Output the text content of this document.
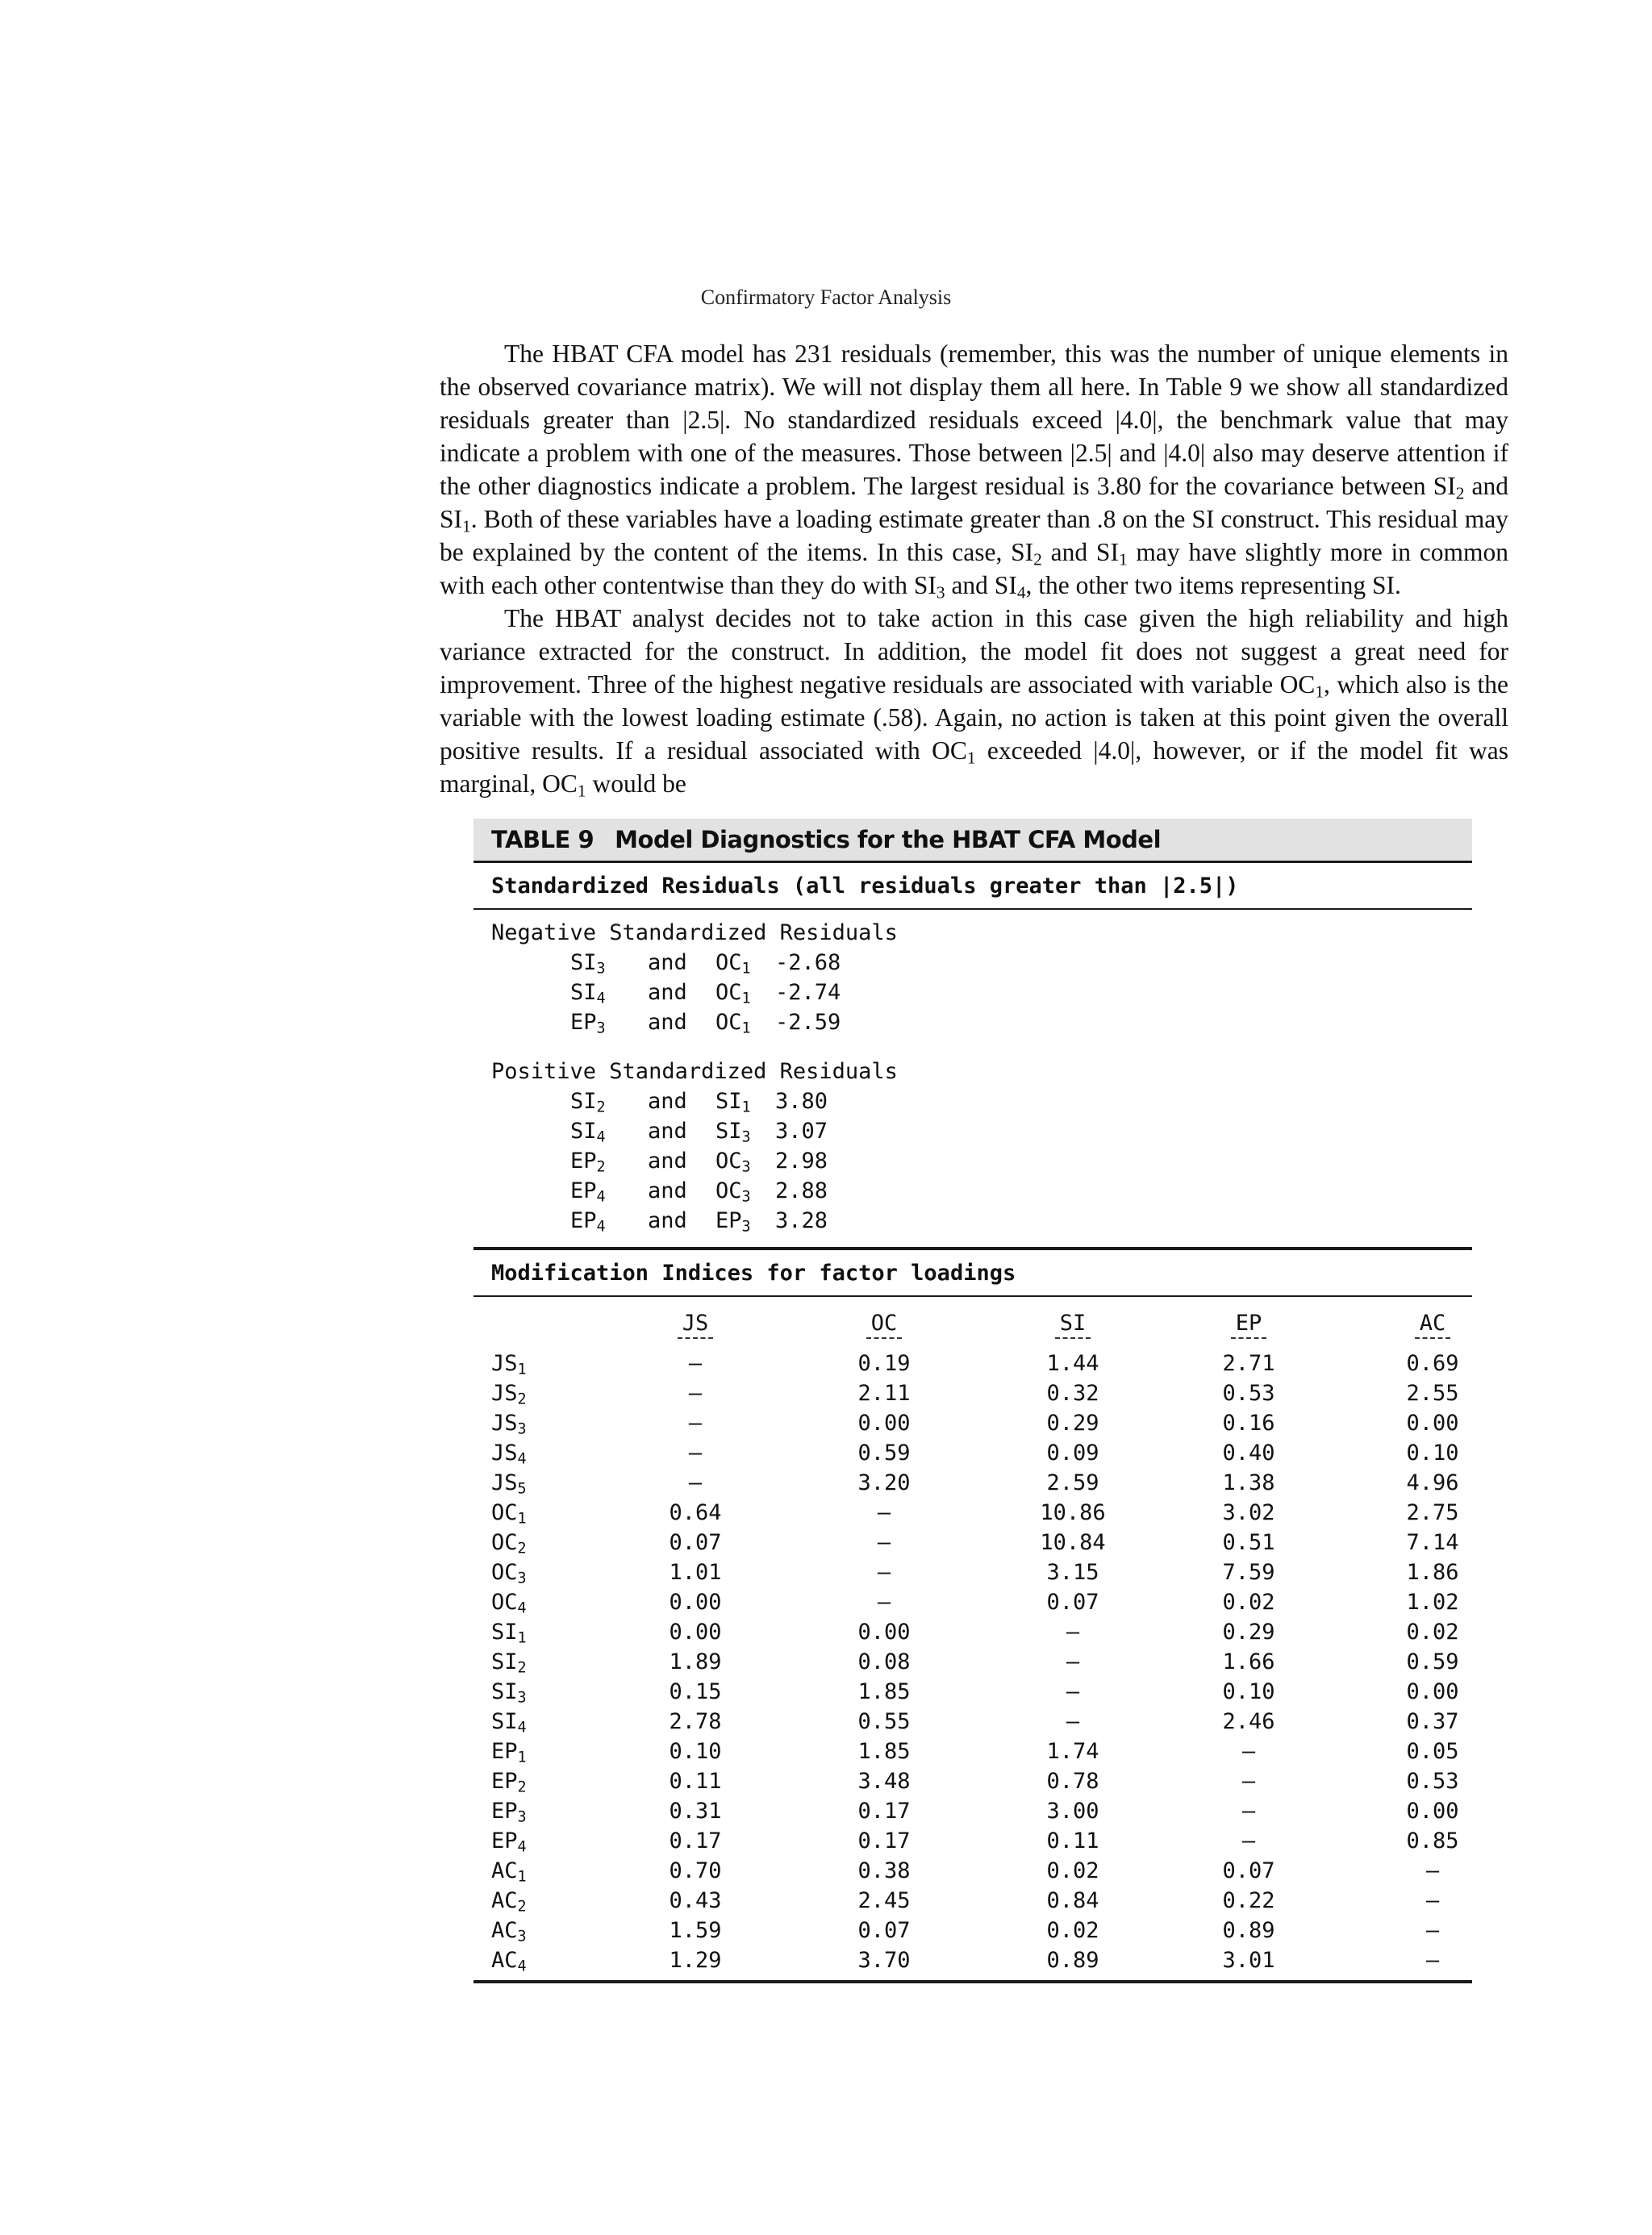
Confirmatory Factor Analysis

The HBAT CFA model has 231 residuals (remember, this was the number of unique elements in the observed covariance matrix). We will not display them all here. In Table 9 we show all standardized residuals greater than |2.5|. No standardized residuals exceed |4.0|, the benchmark value that may indicate a problem with one of the measures. Those between |2.5| and |4.0| also may deserve attention if the other diagnostics indicate a problem. The largest residual is 3.80 for the covariance between $SI_2$ and $SI_1$. Both of these variables have a loading estimate greater than .8 on the SI construct. This residual may be explained by the content of the items. In this case, $SI_2$ and $SI_1$ may have slightly more in common with each other contentwise than they do with $SI_3$ and $SI_4$, the other two items representing SI.

The HBAT analyst decides not to take action in this case given the high reliability and high variance extracted for the construct. In addition, the model fit does not suggest a great need for improvement. Three of the highest negative residuals are associated with variable $OC_1$, which also is the variable with the lowest loading estimate (.58). Again, no action is taken at this point given the overall positive results. If a residual associated with $OC_1$ exceeded |4.0|, however, or if the model fit was marginal, $OC_1$ would be

TABLE 9 Model Diagnostics for the HBAT CFA Model
Standardized Residuals (all residuals greater than |2.5|)
Negative Standardized Residuals
$SI_3$	and	$OC_1$	-2.68
$SI_4$	and	$OC_1$	-2.74
$EP_3$	and	$OC_1$	-2.59
Positive Standardized Residuals
$SI_2$	and	$SI_1$	3.80
$SI_4$	and	$SI_3$	3.07
$EP_2$	and	$OC_3$	2.98
$EP_4$	and	$OC_3$	2.88
$EP_4$	and	$EP_3$	3.28
Modification Indices for factor loadings
JS	OC	SI	EP	AC
$JS_1$	—	0.19	1.44	2.71	0.69
$JS_2$	—	2.11	0.32	0.53	2.55
$JS_3$	—	0.00	0.29	0.16	0.00
$JS_4$	—	0.59	0.09	0.40	0.10
$JS_5$	—	3.20	2.59	1.38	4.96
$OC_1$	0.64	—	10.86	3.02	2.75
$OC_2$	0.07	—	10.84	0.51	7.14
$OC_3$	1.01	—	3.15	7.59	1.86
$OC_4$	0.00	—	0.07	0.02	1.02
$SI_1$	0.00	0.00	—	0.29	0.02
$SI_2$	1.89	0.08	—	1.66	0.59
$SI_3$	0.15	1.85	—	0.10	0.00
$SI_4$	2.78	0.55	—	2.46	0.37
$EP_1$	0.10	1.85	1.74	—	0.05
$EP_2$	0.11	3.48	0.78	—	0.53
$EP_3$	0.31	0.17	3.00	—	0.00
$EP_4$	0.17	0.17	0.11	—	0.85
$AC_1$	0.70	0.38	0.02	0.07	—
$AC_2$	0.43	2.45	0.84	0.22	—
$AC_3$	1.59	0.07	0.02	0.89	—
$AC_4$	1.29	3.70	0.89	3.01	—
